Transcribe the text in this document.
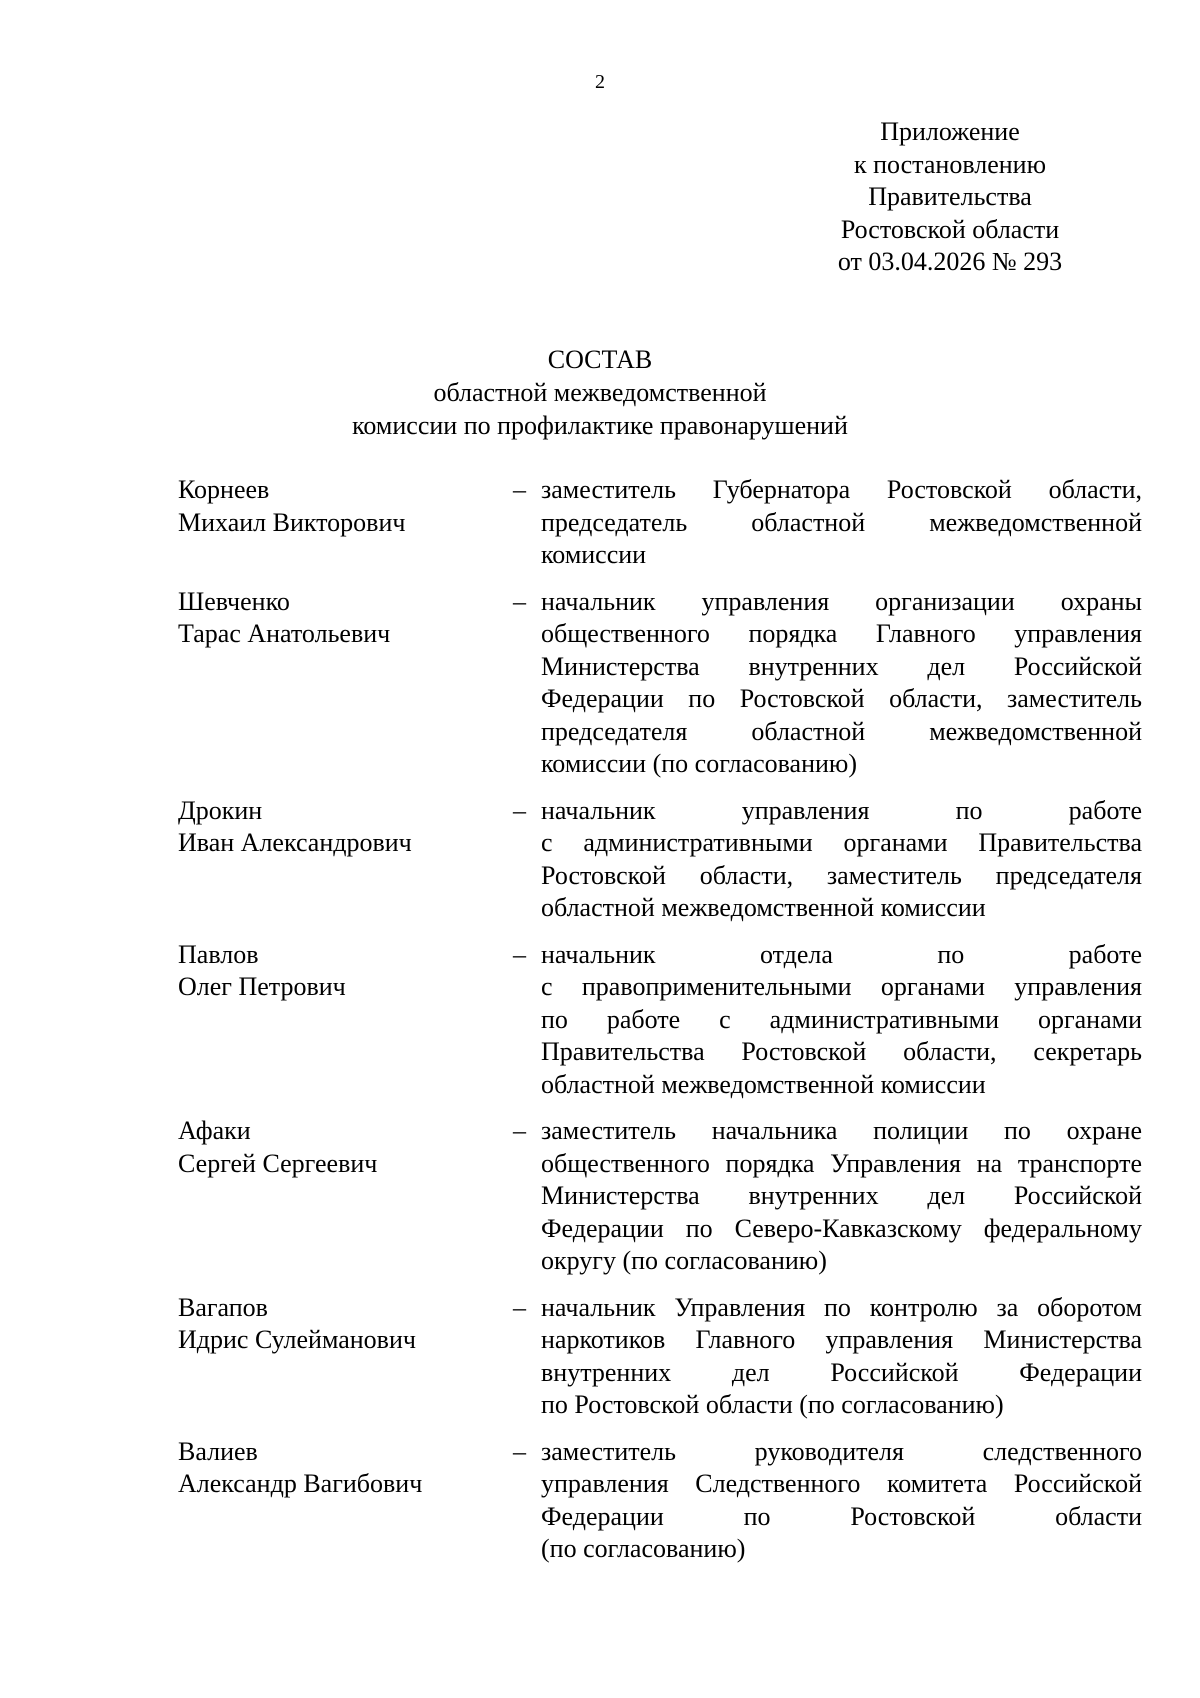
2
Приложение
к постановлению
Правительства
Ростовской области
от 03.04.2026 № 293
СОСТАВ
областной межведомственной
комиссии по профилактике правонарушений
Корнеев
Михаил Викторович
– заместитель Губернатора Ростовской области,
председатель областной межведомственной
комиссии
Шевченко
Тарас Анатольевич
– начальник управления организации охраны
общественного порядка Главного управления
Министерства внутренних дел Российской
Федерации по Ростовской области, заместитель
председателя областной межведомственной
комиссии (по согласованию)
Дрокин
Иван Александрович
– начальник управления по работе
с административными органами Правительства
Ростовской области, заместитель председателя
областной межведомственной комиссии
Павлов
Олег Петрович
– начальник отдела по работе
с правоприменительными органами управления
по работе с административными органами
Правительства Ростовской области, секретарь
областной межведомственной комиссии
Афаки
Сергей Сергеевич
– заместитель начальника полиции по охране
общественного порядка Управления на транспорте
Министерства внутренних дел Российской
Федерации по Северо-Кавказскому федеральному
округу (по согласованию)
Вагапов
Идрис Сулейманович
– начальник Управления по контролю за оборотом
наркотиков Главного управления Министерства
внутренних дел Российской Федерации
по Ростовской области (по согласованию)
Валиев
Александр Вагибович
– заместитель руководителя следственного
управления Следственного комитета Российской
Федерации по Ростовской области
(по согласованию)
